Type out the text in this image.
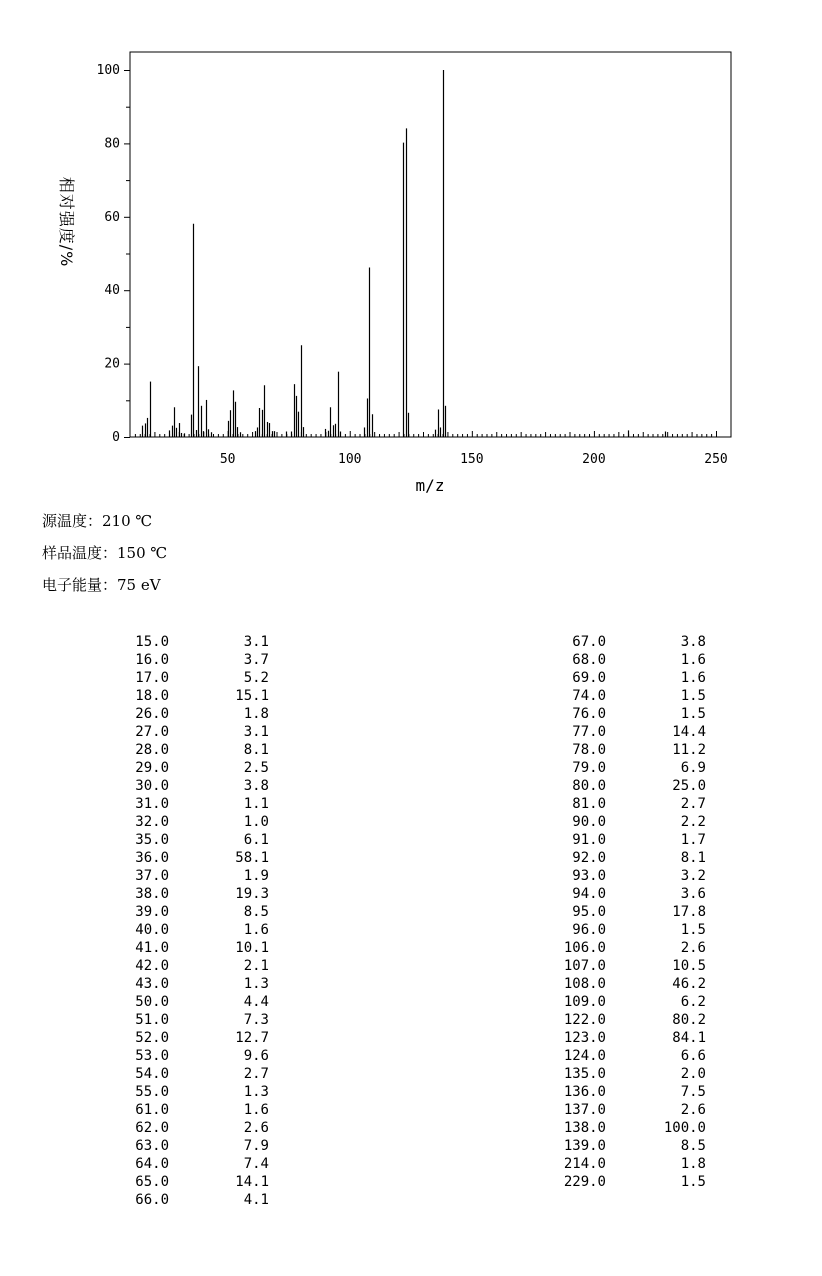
50	100	150	200	250
0
20
40
60
80
100
m/z
相对强度/%
源温度：210 ℃
样品温度：150 ℃
电子能量：75 eV
15.0	3.1
16.0	3.7
17.0	5.2
18.0	15.1
26.0	1.8
27.0	3.1
28.0	8.1
29.0	2.5
30.0	3.8
31.0	1.1
32.0	1.0
35.0	6.1
36.0	58.1
37.0	1.9
38.0	19.3
39.0	8.5
40.0	1.6
41.0	10.1
42.0	2.1
43.0	1.3
50.0	4.4
51.0	7.3
52.0	12.7
53.0	9.6
54.0	2.7
55.0	1.3
61.0	1.6
62.0	2.6
63.0	7.9
64.0	7.4
65.0	14.1
66.0	4.1
67.0	3.8
68.0	1.6
69.0	1.6
74.0	1.5
76.0	1.5
77.0	14.4
78.0	11.2
79.0	6.9
80.0	25.0
81.0	2.7
90.0	2.2
91.0	1.7
92.0	8.1
93.0	3.2
94.0	3.6
95.0	17.8
96.0	1.5
106.0	2.6
107.0	10.5
108.0	46.2
109.0	6.2
122.0	80.2
123.0	84.1
124.0	6.6
135.0	2.0
136.0	7.5
137.0	2.6
138.0	100.0
139.0	8.5
214.0	1.8
229.0	1.5
